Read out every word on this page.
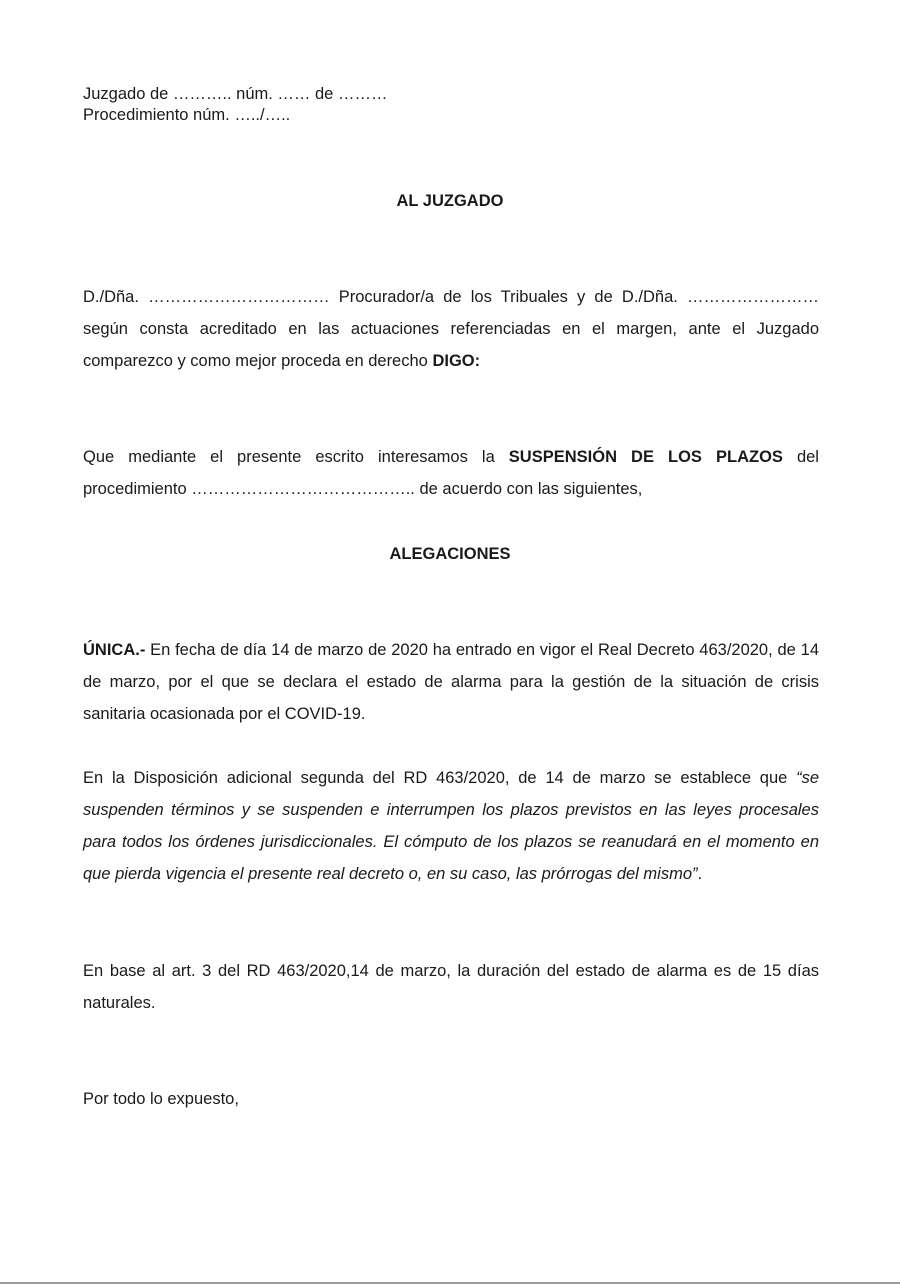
Juzgado de ……….. núm. …… de ………
Procedimiento núm. …../…..
AL JUZGADO
D./Dña. …………………………… Procurador/a de los Tribuales y de D./Dña. …………………… según consta acreditado en las actuaciones referenciadas en el margen, ante el Juzgado comparezco y como mejor proceda en derecho DIGO:
Que mediante el presente escrito interesamos la SUSPENSIÓN DE LOS PLAZOS del procedimiento ………………………………….. de acuerdo con las siguientes,
ALEGACIONES
ÚNICA.- En fecha de día 14 de marzo de 2020 ha entrado en vigor el Real Decreto 463/2020, de 14 de marzo, por el que se declara el estado de alarma para la gestión de la situación de crisis sanitaria ocasionada por el COVID-19.
En la Disposición adicional segunda del RD 463/2020, de 14 de marzo se establece que “se suspenden términos y se suspenden e interrumpen los plazos previstos en las leyes procesales para todos los órdenes jurisdiccionales. El cómputo de los plazos se reanudará en el momento en que pierda vigencia el presente real decreto o, en su caso, las prórrogas del mismo”.
En base al art. 3 del RD 463/2020,14 de marzo, la duración del estado de alarma es de 15 días naturales.
Por todo lo expuesto,
